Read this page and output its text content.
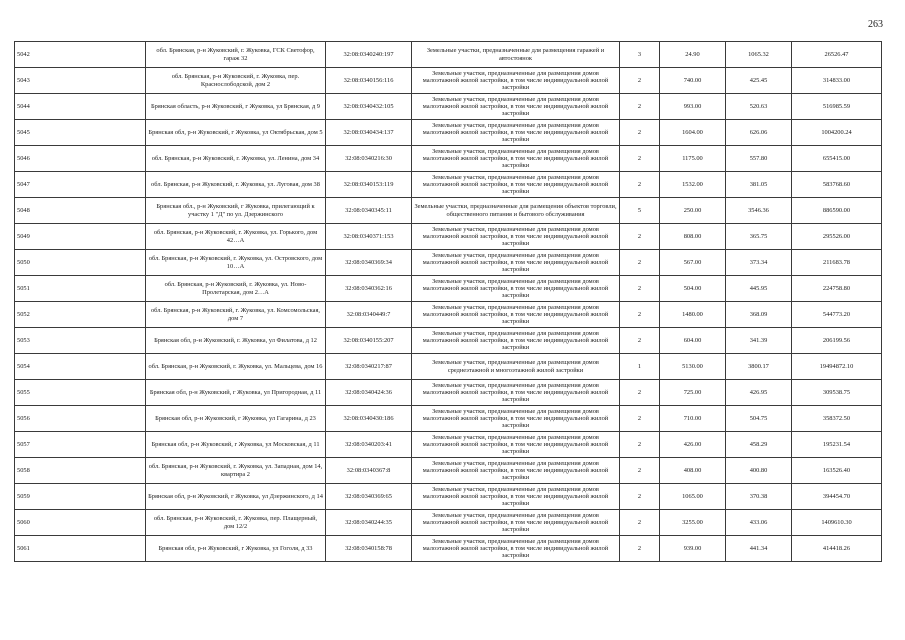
263
5042	обл. Брянская, р-н Жуковский, г. Жуковка, ГСК Светофор, гараж 32	32:08:0340240:197	Земельные участки, предназначенные для размещения гаражей и автостоянок	3	24.90	1065.32	26526.47
5043	обл. Брянская, р-н Жуковский, г. Жуковка, пер. Краснослободской, дом 2	32:08:0340156:116	Земельные участки, предназначенные для размещения домов малоэтажной жилой застройки, в том числе индивидуальной жилой застройки	2	740.00	425.45	314833.00
5044	Брянская область, р-н Жуковский, г Жуковка, ул Брянская, д 9	32:08:0340432:105	Земельные участки, предназначенные для размещения домов малоэтажной жилой застройки, в том числе индивидуальной жилой застройки	2	993.00	520.63	516985.59
5045	Брянская обл, р-н Жуковский, г Жуковка, ул Октябрьская, дом 5	32:08:0340434:137	Земельные участки, предназначенные для размещения домов малоэтажной жилой застройки, в том числе индивидуальной жилой застройки	2	1604.00	626.06	1004200.24
5046	обл. Брянская, р-н Жуковский, г. Жуковка, ул. Ленина, дом 34	32:08:0340216:30	Земельные участки, предназначенные для размещения домов малоэтажной жилой застройки, в том числе индивидуальной жилой застройки	2	1175.00	557.80	655415.00
5047	обл. Брянская, р-н Жуковский, г. Жуковка, ул. Луговая, дом 38	32:08:0340153:119	Земельные участки, предназначенные для размещения домов малоэтажной жилой застройки, в том числе индивидуальной жилой застройки	2	1532.00	381.05	583768.60
5048	Брянская обл., р-н Жуковский, г Жуковка, прилегающий к участку 1 "Д" по ул. Дзержинского	32:08:0340345:11	Земельные участки, предназначенные для размещения объектов торговли, общественного питания и бытового обслуживания	5	250.00	3546.36	886590.00
5049	обл. Брянская, р-н Жуковский, г. Жуковка, ул. Горького, дом 42…А	32:08:0340371:153	Земельные участки, предназначенные для размещения домов малоэтажной жилой застройки, в том числе индивидуальной жилой застройки	2	808.00	365.75	295526.00
5050	обл. Брянская, р-н Жуковский, г. Жуковка, ул. Островского, дом 10…А	32:08:0340369:34	Земельные участки, предназначенные для размещения домов малоэтажной жилой застройки, в том числе индивидуальной жилой застройки	2	567.00	373.34	211683.78
5051	обл. Брянская, р-н Жуковский, г. Жуковка, ул. Ново-Пролетарская, дом 2…А	32:08:0340362:16	Земельные участки, предназначенные для размещения домов малоэтажной жилой застройки, в том числе индивидуальной жилой застройки	2	504.00	445.95	224758.80
5052	обл. Брянская, р-н Жуковский, г. Жуковка, ул. Комсомольская, дом 7	32:08:0340449:7	Земельные участки, предназначенные для размещения домов малоэтажной жилой застройки, в том числе индивидуальной жилой застройки	2	1480.00	368.09	544773.20
5053	Брянская обл, р-н Жуковский, г. Жуковка, ул Филатова, д 12	32:08:0340155:207	Земельные участки, предназначенные для размещения домов малоэтажной жилой застройки, в том числе индивидуальной жилой застройки	2	604.00	341.39	206199.56
5054	обл. Брянская, р-н Жуковский, г. Жуковка, ул. Мальцева, дом 16	32:08:0340217:87	Земельные участки, предназначенные для размещения домов среднеэтажной и многоэтажной жилой застройки	1	5130.00	3800.17	19494872.10
5055	Брянская обл, р-н Жуковский, г Жуковка, ул Пригородная, д 11	32:08:0340424:36	Земельные участки, предназначенные для размещения домов малоэтажной жилой застройки, в том числе индивидуальной жилой застройки	2	725.00	426.95	309538.75
5056	Брянская обл, р-н Жуковский, г Жуковка, ул Гагарина, д 23	32:08:0340430:186	Земельные участки, предназначенные для размещения домов малоэтажной жилой застройки, в том числе индивидуальной жилой застройки	2	710.00	504.75	358372.50
5057	Брянская обл, р-н Жуковский, г Жуковка, ул Московская, д 11	32:08:0340203:41	Земельные участки, предназначенные для размещения домов малоэтажной жилой застройки, в том числе индивидуальной жилой застройки	2	426.00	458.29	195231.54
5058	обл. Брянская, р-н Жуковский, г. Жуковка, ул. Западная, дом 14, квартира 2	32:08:0340367:8	Земельные участки, предназначенные для размещения домов малоэтажной жилой застройки, в том числе индивидуальной жилой застройки	2	408.00	400.80	163526.40
5059	Брянская обл, р-н Жуковский, г Жуковка, ул Дзержинского, д 14	32:08:0340369:65	Земельные участки, предназначенные для размещения домов малоэтажной жилой застройки, в том числе индивидуальной жилой застройки	2	1065.00	370.38	394454.70
5060	обл. Брянская, р-н Жуковский, г. Жуковка, пер. Плащерный, дом 12/2	32:08:0340244:35	Земельные участки, предназначенные для размещения домов малоэтажной жилой застройки, в том числе индивидуальной жилой застройки	2	3255.00	433.06	1409610.30
5061	Брянская обл, р-н Жуковский, г Жуковка, ул Гоголя, д 33	32:08:0340158:78	Земельные участки, предназначенные для размещения домов малоэтажной жилой застройки, в том числе индивидуальной жилой застройки	2	939.00	441.34	414418.26
